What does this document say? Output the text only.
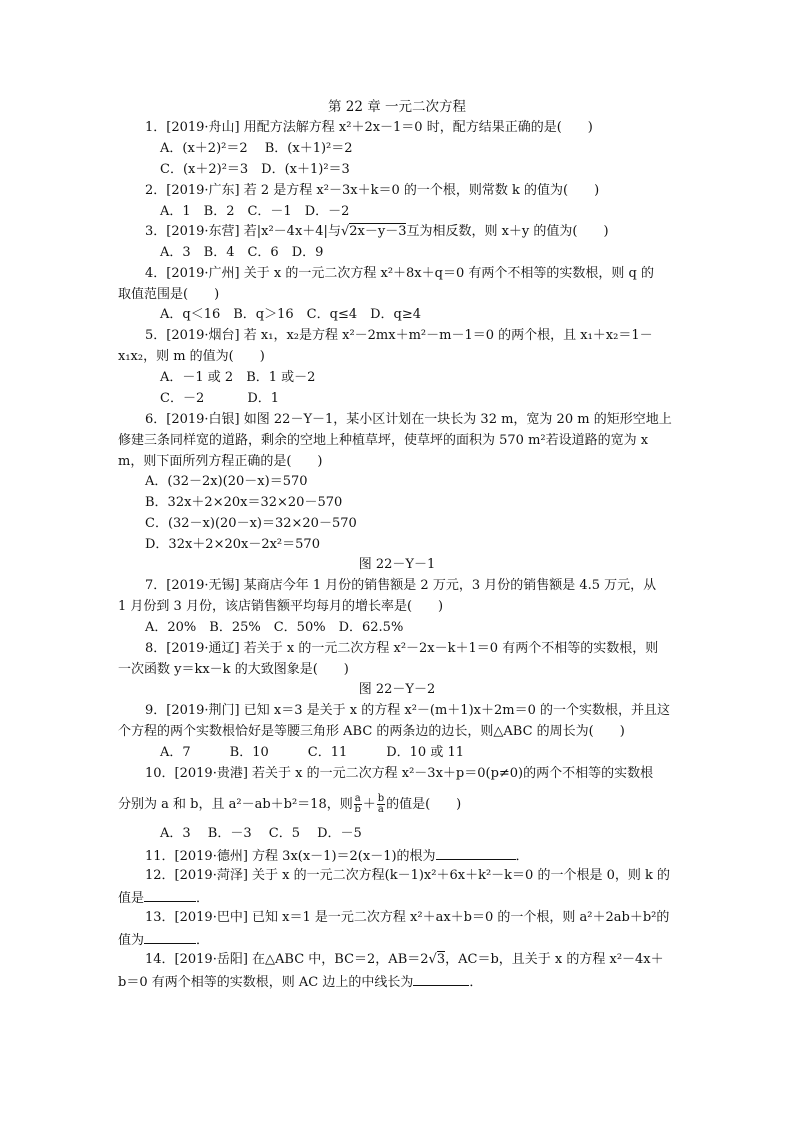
第 22 章 一元二次方程
1．[2019·舟山] 用配方法解方程 x²＋2x－1＝0 时，配方结果正确的是(　　)
A．(x＋2)²＝2　 B．(x＋1)²＝2
C．(x＋2)²＝3　D．(x＋1)²＝3
2．[2019·广东] 若 2 是方程 x²－3x＋k＝0 的一个根，则常数 k 的值为(　　)
A．1　B．2　C．－1　D．－2
3．[2019·东营] 若|x²－4x＋4|与√2x－y－3互为相反数，则 x＋y 的值为(　　)
A．3　B．4　C．6　D．9
4．[2019·广州] 关于 x 的一元二次方程 x²＋8x＋q＝0 有两个不相等的实数根，则 q 的
取值范围是(　　)
A．q＜16　B．q＞16　C．q≤4　D．q≥4
5．[2019·烟台] 若 x₁，x₂是方程 x²－2mx＋m²－m－1＝0 的两个根，且 x₁＋x₂＝1－
x₁x₂，则 m 的值为(　　)
A．－1 或 2　B．1 或－2
C．－2　　　 D．1
6．[2019·白银] 如图 22－Y－1，某小区计划在一块长为 32 m，宽为 20 m 的矩形空地上
修建三条同样宽的道路，剩余的空地上种植草坪，使草坪的面积为 570 m²若设道路的宽为 x
m，则下面所列方程正确的是(　　)
A．(32－2x)(20－x)＝570
B．32x＋2×20x＝32×20－570
C．(32－x)(20－x)＝32×20－570
D．32x＋2×20x－2x²＝570
图 22－Y－1
7．[2019·无锡] 某商店今年 1 月份的销售额是 2 万元，3 月份的销售额是 4.5 万元，从
1 月份到 3 月份，该店销售额平均每月的增长率是(　　)
A．20%　B．25%　C．50%　D．62.5%
8．[2019·通辽] 若关于 x 的一元二次方程 x²－2x－k＋1＝0 有两个不相等的实数根，则
一次函数 y＝kx－k 的大致图象是(　　)
图 22－Y－2
9．[2019·荆门] 已知 x＝3 是关于 x 的方程 x²－(m＋1)x＋2m＝0 的一个实数根，并且这
个方程的两个实数根恰好是等腰三角形 ABC 的两条边的边长，则△ABC 的周长为(　　)
A．7　　　B．10　　　C．11　　　D．10 或 11
10．[2019·贵港] 若关于 x 的一元二次方程 x²－3x＋p＝0(p≠0)的两个不相等的实数根
分别为 a 和 b，且 a²－ab＋b²＝18，则 $\frac{a}{b} + \frac{b}{a}$ 的值是(　　)
A．3　 B．－3　 C．5　 D．－5
11．[2019·德州] 方程 3x(x－1)＝2(x－1)的根为	．
12．[2019·菏泽] 关于 x 的一元二次方程(k－1)x²＋6x＋k²－k＝0 的一个根是 0，则 k 的
值是	．
13．[2019·巴中] 已知 x＝1 是一元二次方程 x²＋ax＋b＝0 的一个根，则 a²＋2ab＋b²的
值为	．
14．[2019·岳阳] 在△ABC 中，BC＝2，AB＝2√3，AC＝b，且关于 x 的方程 x²－4x＋
b＝0 有两个相等的实数根，则 AC 边上的中线长为	．
